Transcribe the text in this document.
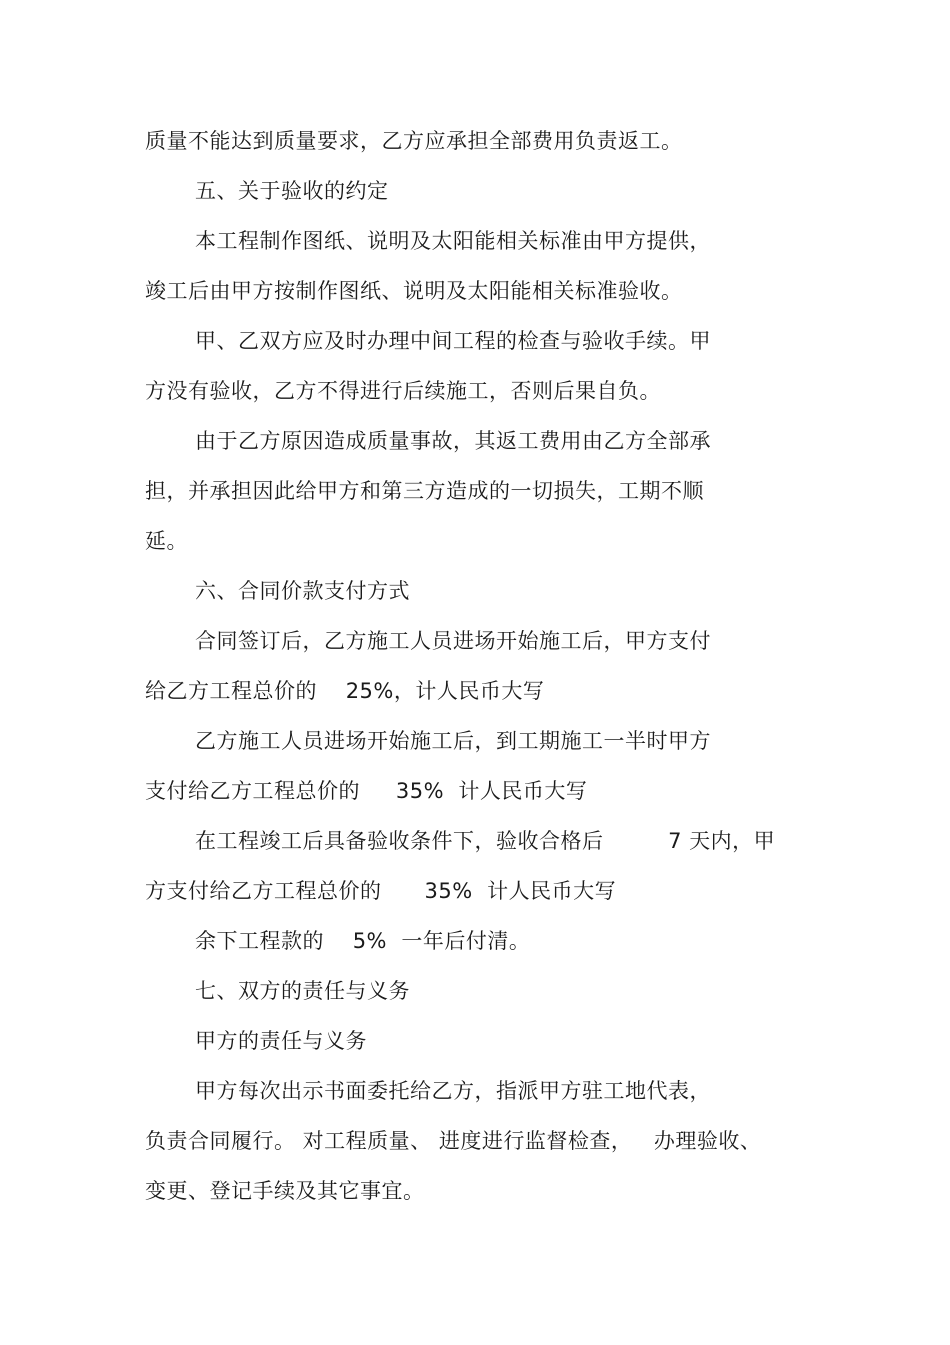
质量不能达到质量要求，乙方应承担全部费用负责返工。
五、关于验收的约定
本工程制作图纸、说明及太阳能相关标准由甲方提供，
竣工后由甲方按制作图纸、说明及太阳能相关标准验收。
甲、乙双方应及时办理中间工程的检查与验收手续。甲
方没有验收，乙方不得进行后续施工，否则后果自负。
由于乙方原因造成质量事故，其返工费用由乙方全部承
担，并承担因此给甲方和第三方造成的一切损失，工期不顺
延。
六、合同价款支付方式
合同签订后，乙方施工人员进场开始施工后，甲方支付
给乙方工程总价的    25%，计人民币大写
乙方施工人员进场开始施工后，到工期施工一半时甲方
支付给乙方工程总价的     35%  计人民币大写
在工程竣工后具备验收条件下，验收合格后         7 天内，甲
方支付给乙方工程总价的      35%  计人民币大写
余下工程款的    5%  一年后付清。
七、双方的责任与义务
甲方的责任与义务
甲方每次出示书面委托给乙方，指派甲方驻工地代表，
负责合同履行。 对工程质量、 进度进行监督检查，   办理验收、
变更、登记手续及其它事宜。
